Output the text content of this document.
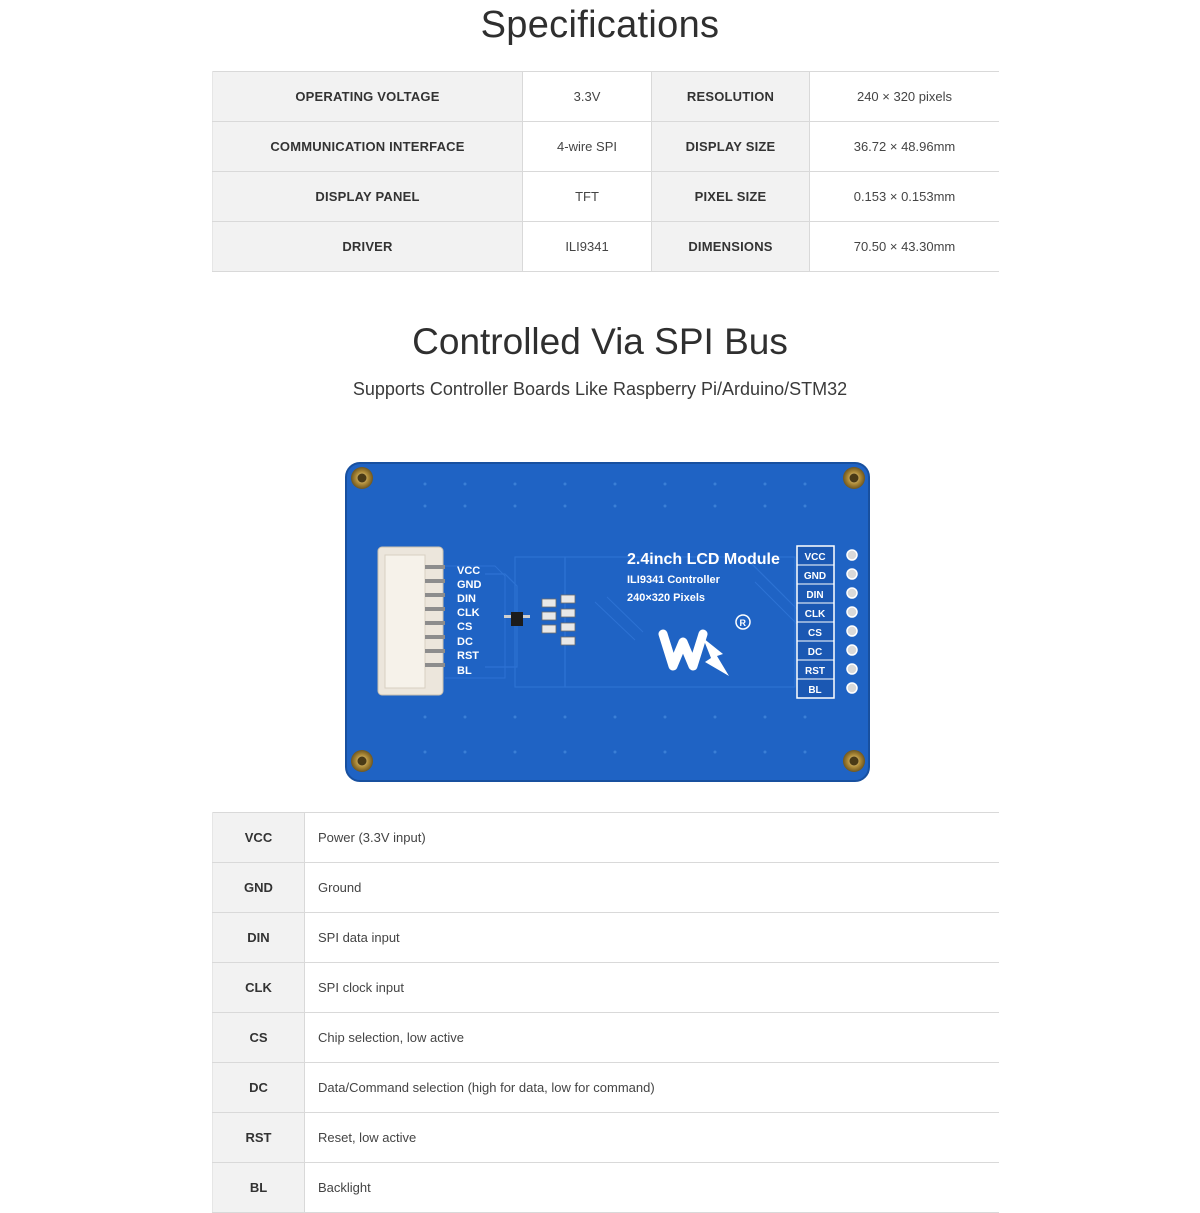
Specifications
OPERATING VOLTAGE	3.3V	RESOLUTION	240 × 320 pixels
COMMUNICATION INTERFACE	4-wire SPI	DISPLAY SIZE	36.72 × 48.96mm
DISPLAY PANEL	TFT	PIXEL SIZE	0.153 × 0.153mm
DRIVER	ILI9341	DIMENSIONS	70.50 × 43.30mm
Controlled Via SPI Bus
Supports Controller Boards Like Raspberry Pi/Arduino/STM32
VCC
GND
DIN
CLK
CS
DC
RST
BL
2.4inch LCD Module
ILI9341 Controller
240×320 Pixels
R
VCC
GND
DIN
CLK
CS
DC
RST
BL
VCC	Power (3.3V input)
GND	Ground
DIN	SPI data input
CLK	SPI clock input
CS	Chip selection, low active
DC	Data/Command selection (high for data, low for command)
RST	Reset, low active
BL	Backlight
